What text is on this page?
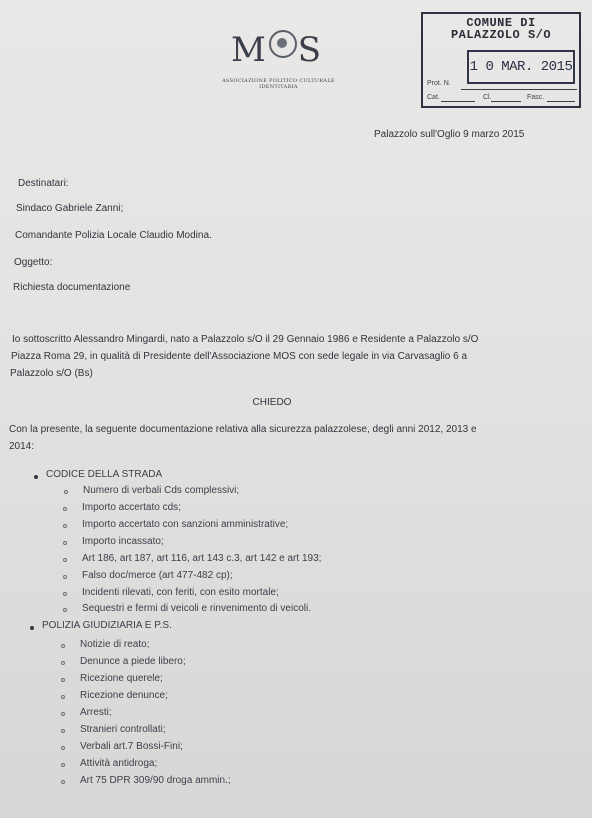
M S
ASSOCIAZIONE POLITICO CULTURALE IDENTITARIA
COMUNE DI
PALAZZOLO S/O
1 0 MAR. 2015
Prot. N.
Cat.	Cl.	Fasc.
Palazzolo sull'Oglio 9 marzo 2015
Destinatari:
Sindaco Gabriele Zanni;
Comandante Polizia Locale Claudio Modina.
Oggetto:
Richiesta documentazione
Io sottoscritto Alessandro Mingardi, nato a Palazzolo s/O il 29 Gennaio 1986 e Residente a Palazzolo s/O
Piazza Roma 29, in qualità di Presidente dell'Associazione MOS con sede legale in via Carvasaglio 6 a
Palazzolo s/O (Bs)
CHIEDO
Con la presente, la seguente documentazione relativa alla sicurezza palazzolese, degli anni 2012, 2013 e
2014:
CODICE DELLA STRADA
Numero di verbali Cds complessivi;
Importo accertato cds;
Importo accertato con sanzioni amministrative;
Importo incassato;
Art 186, art 187, art 116, art 143 c.3, art 142 e art 193;
Falso doc/merce (art 477-482 cp);
Incidenti rilevati, con feriti, con esito mortale;
Sequestri e fermi di veicoli e rinvenimento di veicoli.
POLIZIA GIUDIZIARIA E P.S.
Notizie di reato;
Denunce a piede libero;
Ricezione querele;
Ricezione denunce;
Arresti;
Stranieri controllati;
Verbali art.7 Bossi-Fini;
Attività antidroga;
Art 75 DPR 309/90 droga ammin.;
